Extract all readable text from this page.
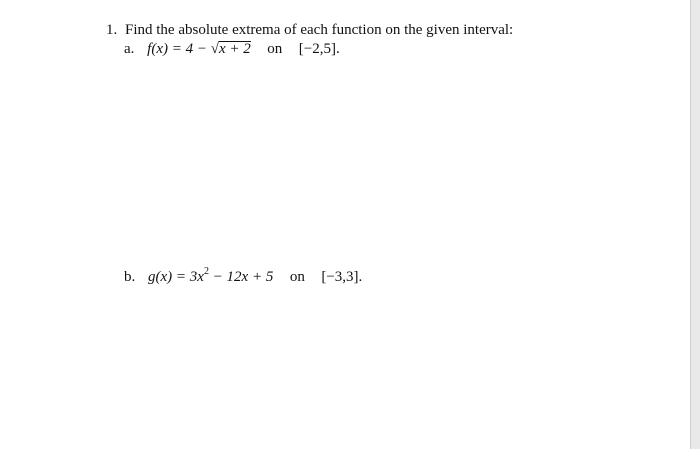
1. Find the absolute extrema of each function on the given interval:
a. f(x) = 4 − √x + 2 on [−2,5].
b. $g(x) = 3x^2 - 12x + 5$ on [−3,3].
